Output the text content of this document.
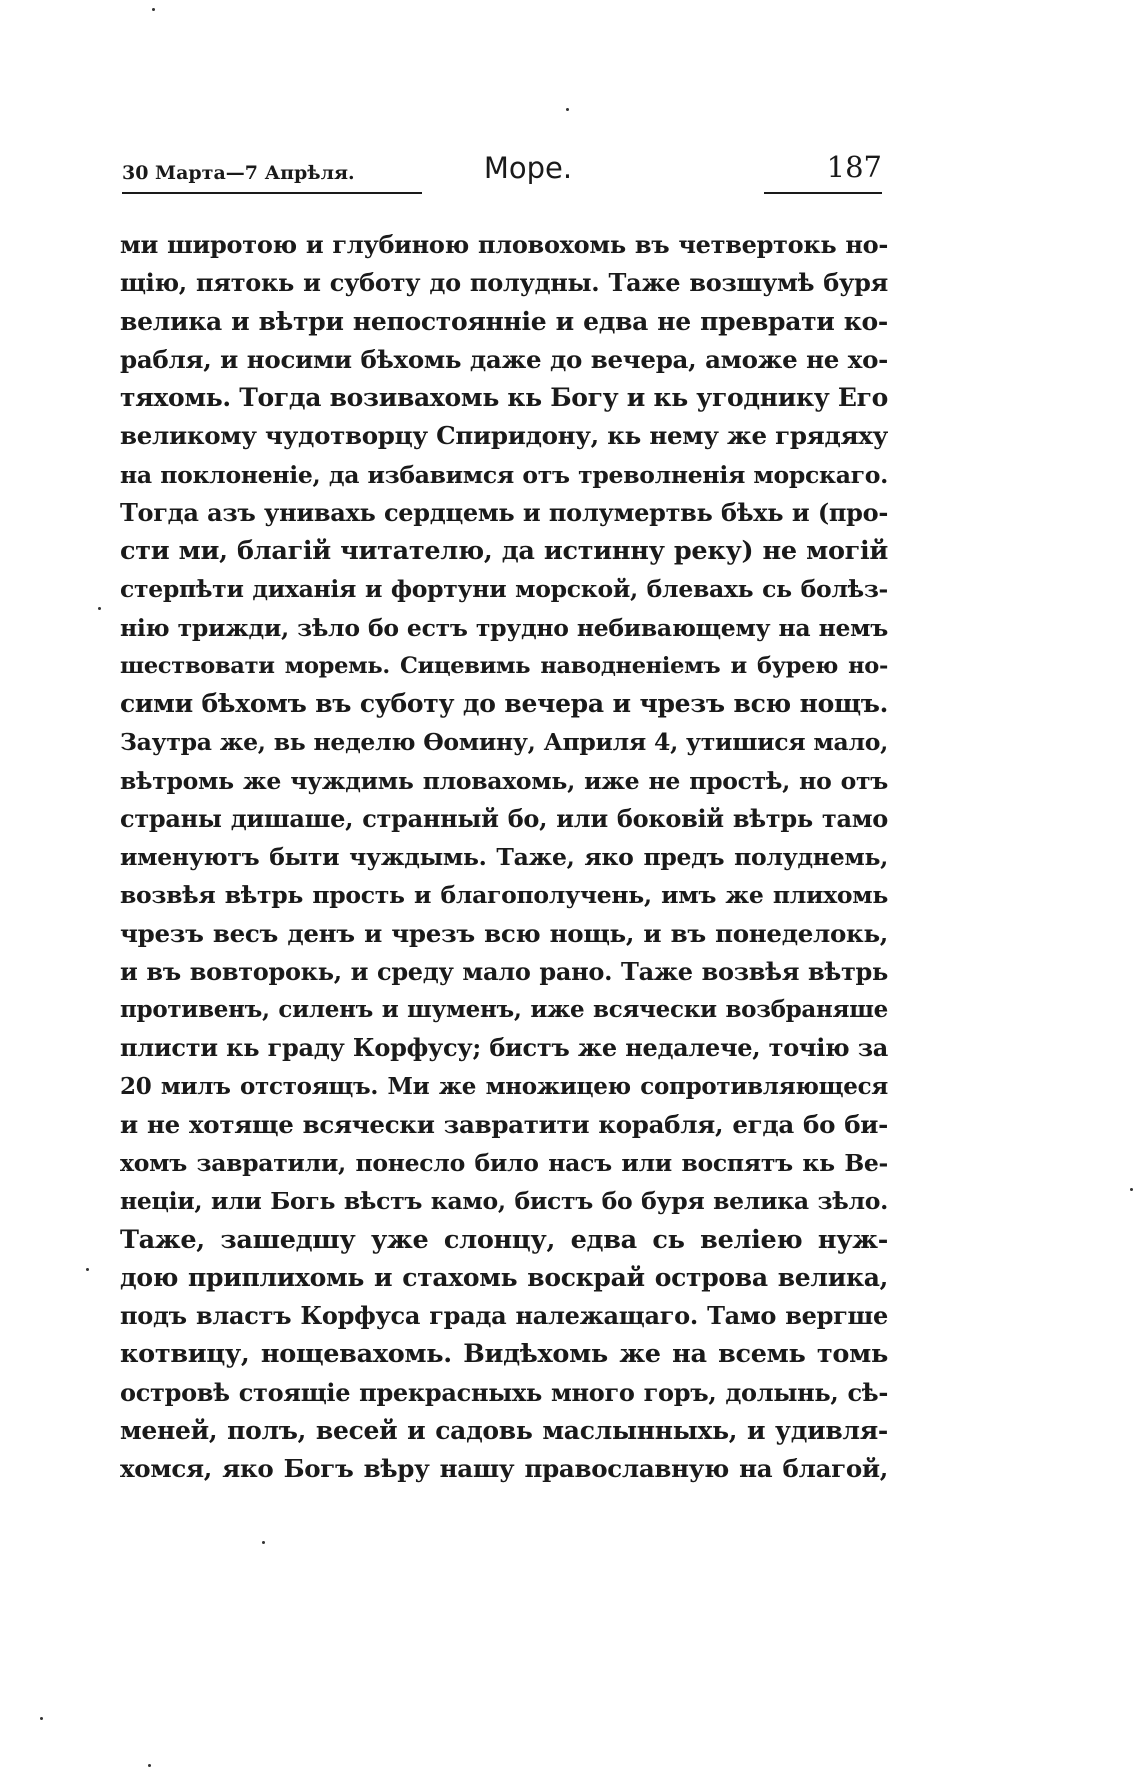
30 Марта—7 Апрѣля.	Море.	187
ми широтою и глубиною пловохомь въ четвертокь но-
щію, пятокь и суботу до полудны. Таже возшумѣ буря
велика и вѣтри непостоянніе и едва не преврати ко-
рабля, и носими бѣхомь даже до вечера, аможе не хо-
тяхомь. Тогда возивахомь кь Богу и кь угоднику Его
великому чудотворцу Спиридону, кь нему же грядяху
на поклоненіе, да избавимся отъ треволненія морскаго.
Тогда азъ унивахь сердцемь и полумертвь бѣхь и (про-
сти ми, благій читателю, да истинну реку) не могій
стерпѣти диханія и фортуни морской, блевахь сь болѣз-
нію трижди, зѣло бо естъ трудно небивающему на немъ
шествовати моремь. Сицевимь наводненіемъ и бурею но-
сими бѣхомъ въ суботу до вечера и чрезъ всю нощъ.
Заутра же, вь неделю Ѳомину, Априля 4, утишися мало,
вѣтромь же чуждимь пловахомь, иже не простѣ, но отъ
страны дишаше, странный бо, или боковій вѣтрь тамо
именуютъ быти чуждымь. Таже, яко предъ полуднемь,
возвѣя вѣтрь прость и благополучень, имъ же плихомь
чрезъ весъ денъ и чрезъ всю нощь, и въ понеделокь,
и въ вовторокь, и среду мало рано. Таже возвѣя вѣтрь
противенъ, силенъ и шуменъ, иже всячески возбраняше
плисти кь граду Корфусу; бистъ же недалече, точію за
20 милъ отстоящъ. Ми же множицею сопротивляющеся
и не хотяще всячески завратити корабля, егда бо би-
хомъ завратили, понесло било насъ или воспятъ кь Ве-
неціи, или Богь вѣстъ камо, бистъ бо буря велика зѣло.
Таже, зашедшу уже слонцу, едва сь веліею нуж-
дою приплихомь и стахомь воскрай острова велика,
подъ властъ Корфуса града належащаго. Тамо вергше
котвицу, нощевахомь. Видѣхомь же на всемь томь
островѣ стоящіе прекрасныхь много горъ, долынь, сѣ-
меней, полъ, весей и садовь маслынныхь, и удивля-
хомся, яко Богъ вѣру нашу православную на благой,
